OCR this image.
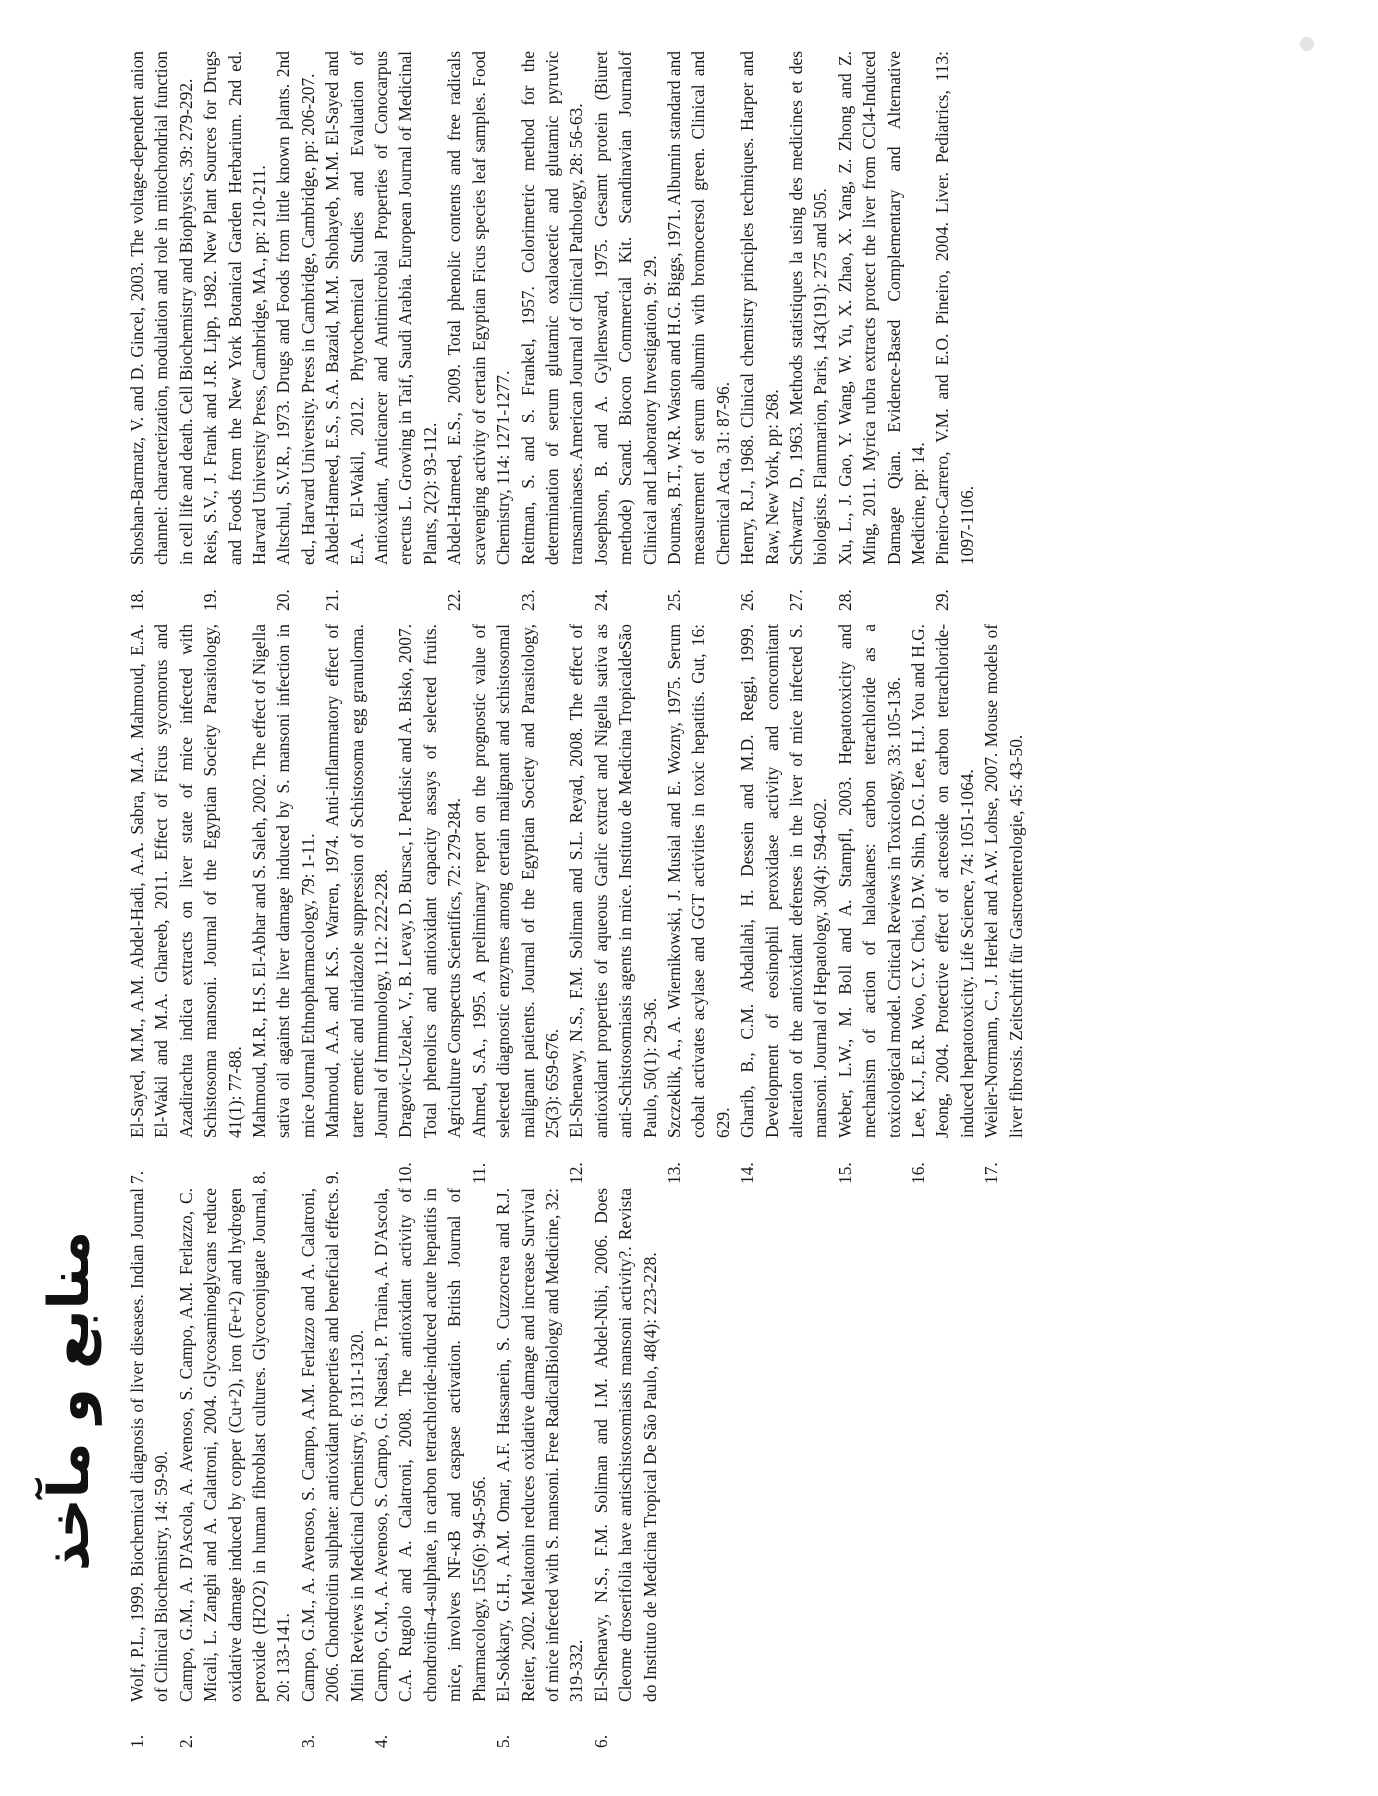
منابع و مآخذ
1.
Wolf, P.L., 1999. Biochemical diagnosis of liver diseases. Indian Journal of Clinical Biochemistry, 14: 59-90.
2.
Campo, G.M., A. D'Ascola, A. Avenoso, S. Campo, A.M. Ferlazzo, C. Micali, L. Zanghi and A. Calatroni, 2004. Glycosaminoglycans reduce oxidative damage induced by copper (Cu+2), iron (Fe+2) and hydrogen peroxide (H2O2) in human fibroblast cultures. Glycoconjugate Journal, 20: 133-141.
3.
Campo, G.M., A. Avenoso, S. Campo, A.M. Ferlazzo and A. Calatroni, 2006. Chondroitin sulphate: antioxidant properties and beneficial effects. Mini Reviews in Medicinal Chemistry, 6: 1311-1320.
4.
Campo, G.M., A. Avenoso, S. Campo, G. Nastasi, P. Traina, A. D'Ascola, C.A. Rugolo and A. Calatroni, 2008. The antioxidant activity of chondroitin-4-sulphate, in carbon tetrachloride-induced acute hepatitis in mice, involves NF-κB and caspase activation. British Journal of Pharmacology, 155(6): 945-956.
5.
El-Sokkary, G.H., A.M. Omar, A.F. Hassanein, S. Cuzzocrea and R.J. Reiter, 2002. Melatonin reduces oxidative damage and increase Survival of mice infected with S. mansoni. Free RadicalBiology and Medicine, 32: 319-332.
6.
El-Shenawy, N.S., F.M. Soliman and I.M. Abdel-Nibi, 2006. Does Cleome droserifolia have antischistosomiasis mansoni activity?. Revista do Instituto de Medicina Tropical De São Paulo, 48(4): 223-228.
7.
El-Sayed, M.M., A.M. Abdel-Hadi, A.A. Sabra, M.A. Mahmoud, E.A. El-Wakil and M.A. Ghareeb, 2011. Effect of Ficus sycomorus and Azadirachta indica extracts on liver state of mice infected with Schistosoma mansoni. Journal of the Egyptian Society Parasitology, 41(1): 77-88.
8.
Mahmoud, M.R., H.S. El-Abhar and S. Saleh, 2002. The effect of Nigella sativa oil against the liver damage induced by S. mansoni infection in mice Journal Ethnopharmacology, 79: 1-11.
9.
Mahmoud, A.A. and K.S. Warren, 1974. Anti-inflammatory effect of tarter emetic and niridazole suppression of Schistosoma egg granuloma. Journal of Immunology, 112: 222-228.
10.
Dragovic-Uzelac, V., B. Levay, D. Bursac, I. Petdisic and A. Bisko, 2007. Total phenolics and antioxidant capacity assays of selected fruits. Agriculture Conspectus Scientifics, 72: 279-284.
11.
Ahmed, S.A., 1995. A preliminary report on the prognostic value of selected diagnostic enzymes among certain malignant and schistosomal malignant patients. Journal of the Egyptian Society and Parasitology, 25(3): 659-676.
12.
El-Shenawy, N.S., F.M. Soliman and S.L. Reyad, 2008. The effect of antioxidant properties of aqueous Garlic extract and Nigella sativa as anti-Schistosomiasis agents in mice. Instituto de Medicina TropicaldeSão Paulo, 50(1): 29-36.
13.
Szczeklik, A., A. Wiernikowski, J. Musial and E. Wozny, 1975. Serum cobalt activates acylase and GGT activities in toxic hepatitis. Gut, 16: 629.
14.
Gharib, B., C.M. Abdallahi, H. Dessein and M.D. Reggi, 1999. Development of eosinophil peroxidase activity and concomitant alteration of the antioxidant defenses in the liver of mice infected S. mansoni. Journal of Hepatology, 30(4): 594-602.
15.
Weber, L.W., M. Boll and A. Stampfl, 2003. Hepatotoxicity and mechanism of action of haloakanes: carbon tetrachloride as a toxicological model. Critical Reviews in Toxicology, 33: 105-136.
16.
Lee, K.J., E.R. Woo, C.Y. Choi, D.W. Shin, D.G. Lee, H.J. You and H.G. Jeong, 2004. Protective effect of acteoside on carbon tetrachloride-induced hepatotoxicity. Life Science, 74: 1051-1064.
17.
Weiler-Normann, C., J. Herkel and A.W. Lohse, 2007. Mouse models of liver fibrosis. Zeitschrift für Gastroenterologie, 45: 43-50.
18.
Shoshan-Barmatz, V. and D. Gincel, 2003. The voltage-dependent anion channel: characterization, modulation and role in mitochondrial function in cell life and death. Cell Biochemistry and Biophysics, 39: 279-292.
19.
Reis, S.V., J. Frank and J.R. Lipp, 1982. New Plant Sources for Drugs and Foods from the New York Botanical Garden Herbarium. 2nd ed. Harvard University Press, Cambridge, MA., pp: 210-211.
20.
Altschul, S.V.R., 1973. Drugs and Foods from little known plants. 2nd ed., Harvard University. Press in Cambridge, Cambridge, pp: 206-207.
21.
Abdel-Hameed, E.S., S.A. Bazaid, M.M. Shohayeb, M.M. El-Sayed and E.A. El-Wakil, 2012. Phytochemical Studies and Evaluation of Antioxidant, Anticancer and Antimicrobial Properties of Conocarpus erectus L. Growing in Taif, Saudi Arabia. European Journal of Medicinal Plants, 2(2): 93-112.
22.
Abdel-Hameed, E.S., 2009. Total phenolic contents and free radicals scavenging activity of certain Egyptian Ficus species leaf samples. Food Chemistry, 114: 1271-1277.
23.
Reitman, S. and S. Frankel, 1957. Colorimetric method for the determination of serum glutamic oxaloacetic and glutamic pyruvic transaminases. American Journal of Clinical Pathology, 28: 56-63.
24.
Josephson, B. and A. Gyllensward, 1975. Gesamt protein (Biuret methode) Scand. Biocon Commercial Kit. Scandinavian Journalof Clinical and Laboratory Investigation, 9: 29.
25.
Doumas, B.T., W.R. Waston and H.G. Biggs, 1971. Albumin standard and measurement of serum albumin with bromocersol green. Clinical and Chemical Acta, 31: 87-96.
26.
Henry, R.J., 1968. Clinical chemistry principles techniques. Harper and Raw, New York, pp: 268.
27.
Schwartz, D., 1963. Methods statistiques la using des medicines et des biologists. Flammarion, Paris, 143(191): 275 and 505.
28.
Xu, L., J. Gao, Y. Wang, W. Yu, X. Zhao, X. Yang, Z. Zhong and Z. Ming, 2011. Myrica rubra extracts protect the liver from CCl4-Induced Damage Qian. Evidence-Based Complementary and Alternative Medicine, pp: 14.
29.
Pineiro-Carrero, V.M. and E.O. Pineiro, 2004. Liver. Pediatrics, 113: 1097-1106.
